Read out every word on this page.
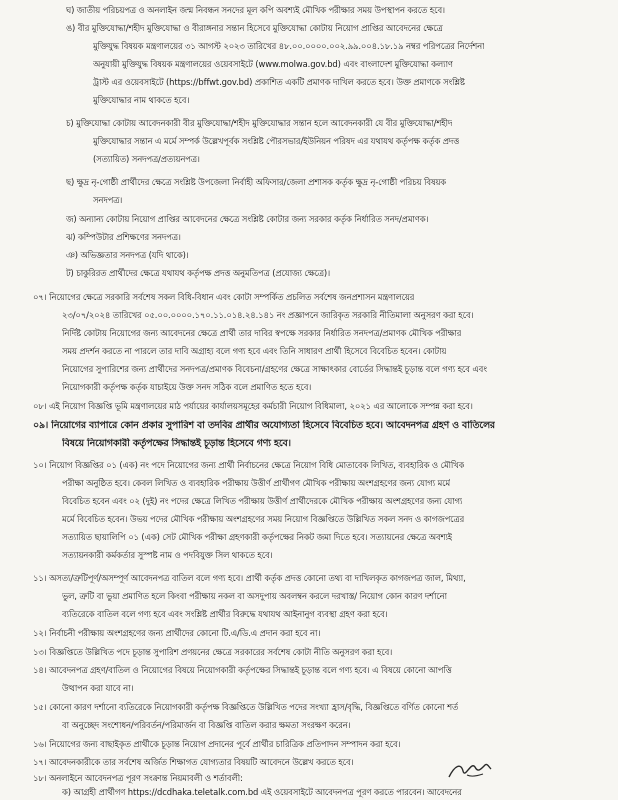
ঘ) জাতীয় পরিচয়পত্র ও অনলাইন জন্ম নিবন্ধন সনদের মূল কপি অবশ্যই মৌখিক পরীক্ষার সময় উপস্থাপন করতে হবে।
ঙ) বীর মুক্তিযোদ্ধা/শহীদ মুক্তিযোদ্ধা ও বীরাঙ্গনার সন্তান হিসেবে মুক্তিযোদ্ধা কোটায় নিয়োগ প্রাপ্তির আবেদনের ক্ষেত্রে
মুক্তিযুদ্ধ বিষয়ক মন্ত্রণালয়ের ৩১ আগস্ট ২০২৩ তারিখের ৪৮.০০.০০০০.০০২.৯৯.০০৪.১৮.১৯ নম্বর পরিপত্রের নির্দেশনা
অনুযায়ী মুক্তিযুদ্ধ বিষয়ক মন্ত্রণালয়ের ওয়েবসাইটে (www.molwa.gov.bd) এবং বাংলাদেশ মুক্তিযোদ্ধা কল্যাণ
ট্রাস্ট এর ওয়েবসাইটে (https://bffwt.gov.bd) প্রকাশিত একটি প্রমাণক দাখিল করতে হবে। উক্ত প্রমাণকে সংশ্লিষ্ট
মুক্তিযোদ্ধার নাম থাকতে হবে।
চ) মুক্তিযোদ্ধা কোটায় আবেদনকারী বীর মুক্তিযোদ্ধা/শহীদ মুক্তিযোদ্ধার সন্তান হলে আবেদনকারী যে বীর মুক্তিযোদ্ধা/শহীদ
মুক্তিযোদ্ধার সন্তান এ মর্মে সম্পর্ক উল্লেখপূর্বক সংশ্লিষ্ট পৌরসভার/ইউনিয়ন পরিষদ এর যথাযথ কর্তৃপক্ষ কর্তৃক প্রদত্ত
(সত্যায়িত) সনদপত্র/প্রত্যয়নপত্র।
ছ) ক্ষুদ্র নৃ-গোষ্ঠী প্রার্থীদের ক্ষেত্রে সংশ্লিষ্ট উপজেলা নির্বাহী অফিসার/জেলা প্রশাসক কর্তৃক ক্ষুদ্র নৃ-গোষ্ঠী পরিচয় বিষয়ক
সনদপত্র।
জ) অন্যান্য কোটায় নিয়োগ প্রাপ্তির আবেদনের ক্ষেত্রে সংশ্লিষ্ট কোটার জন্য সরকার কর্তৃক নির্ধারিত সনদ/প্রমাণক।
ঝ) কম্পিউটার প্রশিক্ষণের সনদপত্র।
ঞ) অভিজ্ঞতার সনদপত্র (যদি থাকে)।
ট) চাকুরিরত প্রার্থীদের ক্ষেত্রে যথাযথ কর্তৃপক্ষ প্রদত্ত অনুমতিপত্র (প্রযোজ্য ক্ষেত্রে)।
০৭। নিয়োগের ক্ষেত্রে সরকারি সর্বশেষ সকল বিধি-বিধান এবং কোটা সম্পর্কিত প্রচলিত সর্বশেষ জনপ্রশাসন মন্ত্রণালয়ের
২৩/০৭/২০২৪ তারিখের ০৫.০০.০০০০.১৭০.১১.০১৪.২৪.১৪১ নং প্রজ্ঞাপনে জারিকৃত সরকারি নীতিমালা অনুসরণ করা হবে।
নির্দিষ্ট কোটায় নিয়োগের জন্য আবেদনের ক্ষেত্রে প্রার্থী তার দাবির স্বপক্ষে সরকার নির্ধারিত সনদপত্র/প্রমাণক মৌখিক পরীক্ষার
সময় প্রদর্শন করতে না পারলে তার দাবি অগ্রাহ্য বলে গণ্য হবে এবং তিনি সাধারণ প্রার্থী হিসেবে বিবেচিত হবেন। কোটায়
নিয়োগের সুপারিশের জন্য প্রার্থীদের সনদপত্র/প্রমাণক বিবেচনা/গ্রহণের ক্ষেত্রে সাক্ষাৎকার বোর্ডের সিদ্ধান্তই চূড়ান্ত বলে গণ্য হবে এবং
নিয়োগকারী কর্তৃপক্ষ কর্তৃক যাচাইয়ে উক্ত সনদ সঠিক বলে প্রমাণিত হতে হবে।
০৮। এই নিয়োগ বিজ্ঞপ্তি ভূমি মন্ত্রণালয়ের মাঠ পর্যায়ের কার্যালয়সমূহের কর্মচারী নিয়োগ বিধিমালা, ২০২১ এর আলোকে সম্পন্ন করা হবে।
০৯। নিয়োগের ব্যাপারে কোন প্রকার সুপারিশ বা তদবির প্রার্থীর অযোগ্যতা হিসেবে বিবেচিত হবে। আবেদনপত্র গ্রহণ ও বাতিলের
বিষয়ে নিয়োগকারী কর্তৃপক্ষের সিদ্ধান্তই চূড়ান্ত হিসেবে গণ্য হবে।
১০। নিয়োগ বিজ্ঞপ্তির ০১ (এক) নং পদে নিয়োগের জন্য প্রার্থী নির্বাচনের ক্ষেত্রে নিয়োগ বিধি মোতাবেক লিখিত, ব্যবহারিক ও মৌখিক
পরীক্ষা অনুষ্ঠিত হবে। কেবল লিখিত ও ব্যবহারিক পরীক্ষায় উত্তীর্ণ প্রার্থীগণ মৌখিক পরীক্ষায় অংশগ্রহণের জন্য যোগ্য মর্মে
বিবেচিত হবেন এবং ০২ (দুই) নং পদের ক্ষেত্রে লিখিত পরীক্ষায় উত্তীর্ণ প্রার্থীদেরকে মৌখিক পরীক্ষায় অংশগ্রহণের জন্য যোগ্য
মর্মে বিবেচিত হবেন। উভয় পদের মৌখিক পরীক্ষায় অংশগ্রহণের সময় নিয়োগ বিজ্ঞপ্তিতে উল্লিখিত সকল সনদ ও কাগজপত্রের
সত্যায়িত ছায়ালিপি ০১ (এক) সেট মৌখিক পরীক্ষা গ্রহণকারী কর্তৃপক্ষের নিকট জমা দিতে হবে। সত্যায়নের ক্ষেত্রে অবশ্যই
সত্যায়নকারী কর্মকর্তার সুস্পষ্ট নাম ও পদবিযুক্ত সিল থাকতে হবে।
১১। অসত্য/ত্রুটিপূর্ণ/অসম্পূর্ণ আবেদনপত্র বাতিল বলে গণ্য হবে। প্রার্থী কর্তৃক প্রদত্ত কোনো তথ্য বা দাখিলকৃত কাগজপত্র জাল, মিথ্যা,
ভুল, ত্রুটি বা ভুয়া প্রমাণিত হলে কিংবা পরীক্ষায় নকল বা অসদুপায় অবলম্বন করলে দরখাস্ত/ নিয়োগ কোন কারণ দর্শানো
ব্যতিরেকে বাতিল বলে গণ্য হবে এবং সংশ্লিষ্ট প্রার্থীর বিরুদ্ধে যথাযথ আইনানুগ ব্যবস্থা গ্রহণ করা হবে।
১২। নির্বাচনী পরীক্ষায় অংশগ্রহণের জন্য প্রার্থীদের কোনো টি.এ/ডি.এ প্রদান করা হবে না।
১৩। বিজ্ঞপ্তিতে উল্লিখিত পদে চূড়ান্ত সুপারিশ প্রণয়নের ক্ষেত্রে সরকারের সর্বশেষ কোটা নীতি অনুসরণ করা হবে।
১৪। আবেদনপত্র গ্রহণ/বাতিল ও নিয়োগের বিষয়ে নিয়োগকারী কর্তৃপক্ষের সিদ্ধান্তই চূড়ান্ত বলে গণ্য হবে। এ বিষয়ে কোনো আপত্তি
উত্থাপন করা যাবে না।
১৫। কোনো কারণ দর্শানো ব্যতিরেকে নিয়োগকারী কর্তৃপক্ষ বিজ্ঞপ্তিতে উল্লিখিত পদের সংখ্যা হ্রাস/বৃদ্ধি, বিজ্ঞপ্তিতে বর্ণিত কোনো শর্ত
বা অনুচ্ছেদ সংশোধন/পরিবর্তন/পরিমার্জন বা বিজ্ঞপ্তি বাতিল করার ক্ষমতা সংরক্ষণ করেন।
১৬। নিয়োগের জন্য বাছাইকৃত প্রার্থীকে চূড়ান্ত নিয়োগ প্রদানের পূর্বে প্রার্থীর চারিত্রিক প্রতিপাদন সম্পাদন করা হবে।
১৭। আবেদনকারীকে তার সর্বশেষ অর্জিত শিক্ষাগত যোগ্যতার বিষয়টি আবেদনে উল্লেখ করতে হবে।
১৮। অনলাইনে আবেদনপত্র পূরণ সংক্রান্ত নিয়মাবলী ও শর্তাবলী:
ক) আগ্রহী প্রার্থীগণ https://dcdhaka.teletalk.com.bd এই ওয়েবসাইটে আবেদনপত্র পূরণ করতে পারবেন। আবেদনের
